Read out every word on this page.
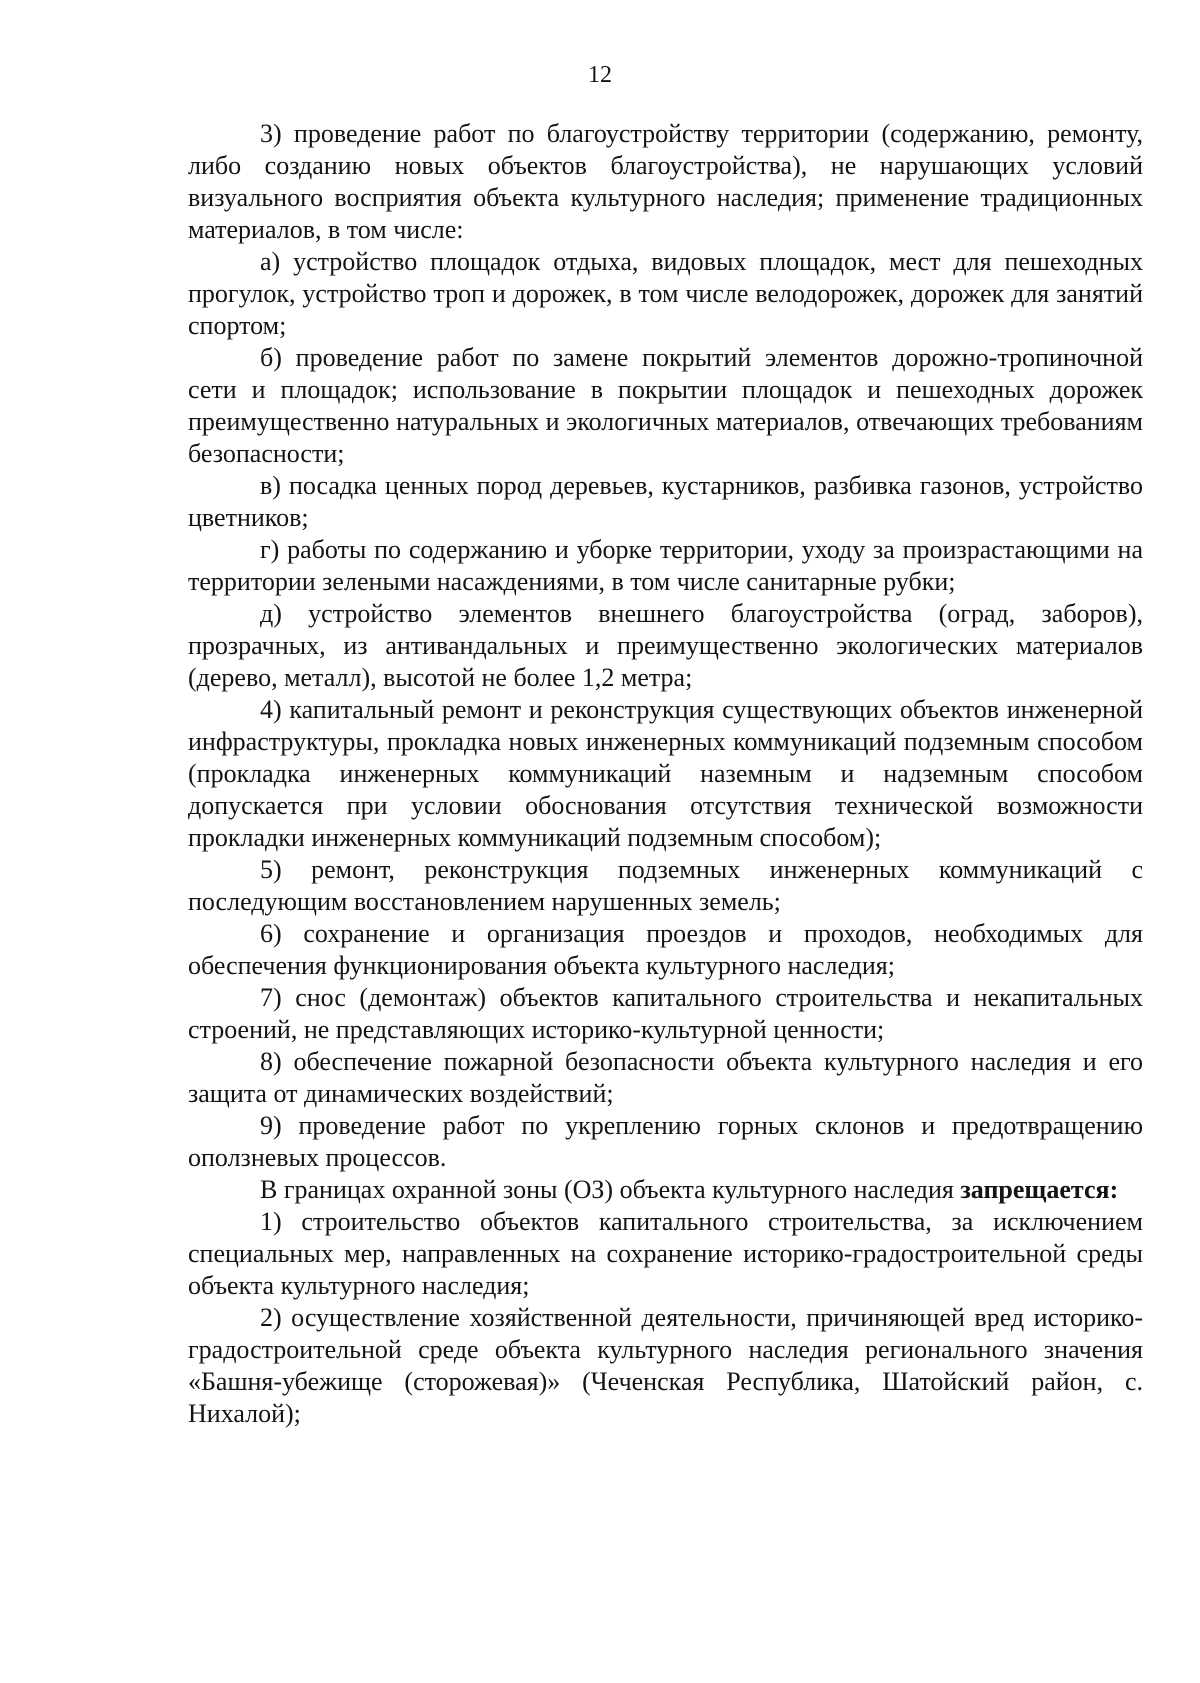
12

3) проведение работ по благоустройству территории (содержанию, ремонту, либо созданию новых объектов благоустройства), не нарушающих условий визуального восприятия объекта культурного наследия; применение традиционных материалов, в том числе:

а) устройство площадок отдыха, видовых площадок, мест для пешеходных прогулок, устройство троп и дорожек, в том числе велодорожек, дорожек для занятий спортом;

б) проведение работ по замене покрытий элементов дорожно-тропиночной сети и площадок; использование в покрытии площадок и пешеходных дорожек преимущественно натуральных и экологичных материалов, отвечающих требованиям безопасности;

в) посадка ценных пород деревьев, кустарников, разбивка газонов, устройство цветников;

г) работы по содержанию и уборке территории, уходу за произрастающими на территории зелеными насаждениями, в том числе санитарные рубки;

д) устройство элементов внешнего благоустройства (оград, заборов), прозрачных, из антивандальных и преимущественно экологических материалов (дерево, металл), высотой не более 1,2 метра;

4) капитальный ремонт и реконструкция существующих объектов инженерной инфраструктуры, прокладка новых инженерных коммуникаций подземным способом (прокладка инженерных коммуникаций наземным и надземным способом допускается при условии обоснования отсутствия технической возможности прокладки инженерных коммуникаций подземным способом);

5) ремонт, реконструкция подземных инженерных коммуникаций с последующим восстановлением нарушенных земель;

6) сохранение и организация проездов и проходов, необходимых для обеспечения функционирования объекта культурного наследия;

7) снос (демонтаж) объектов капитального строительства и некапитальных строений, не представляющих историко-культурной ценности;

8) обеспечение пожарной безопасности объекта культурного наследия и его защита от динамических воздействий;

9) проведение работ по укреплению горных склонов и предотвращению оползневых процессов.

В границах охранной зоны (ОЗ) объекта культурного наследия запрещается:

1) строительство объектов капитального строительства, за исключением специальных мер, направленных на сохранение историко-градостроительной среды объекта культурного наследия;

2) осуществление хозяйственной деятельности, причиняющей вред историко-градостроительной среде объекта культурного наследия регионального значения «Башня-убежище (сторожевая)» (Чеченская Республика, Шатойский район, с. Нихалой);
